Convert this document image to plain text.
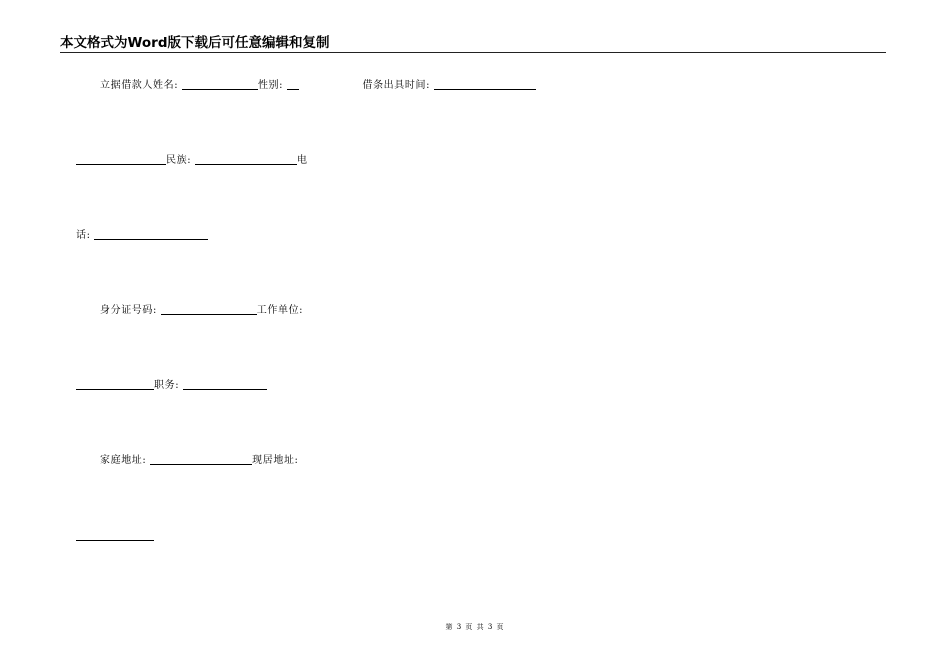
本文格式为Word版下载后可任意编辑和复制
立据借款人姓名:	性别:	借条出具时间:
民族:	电
话:
身分证号码:	工作单位:
职务:
家庭地址:	现居地址:
第 3 页 共 3 页
